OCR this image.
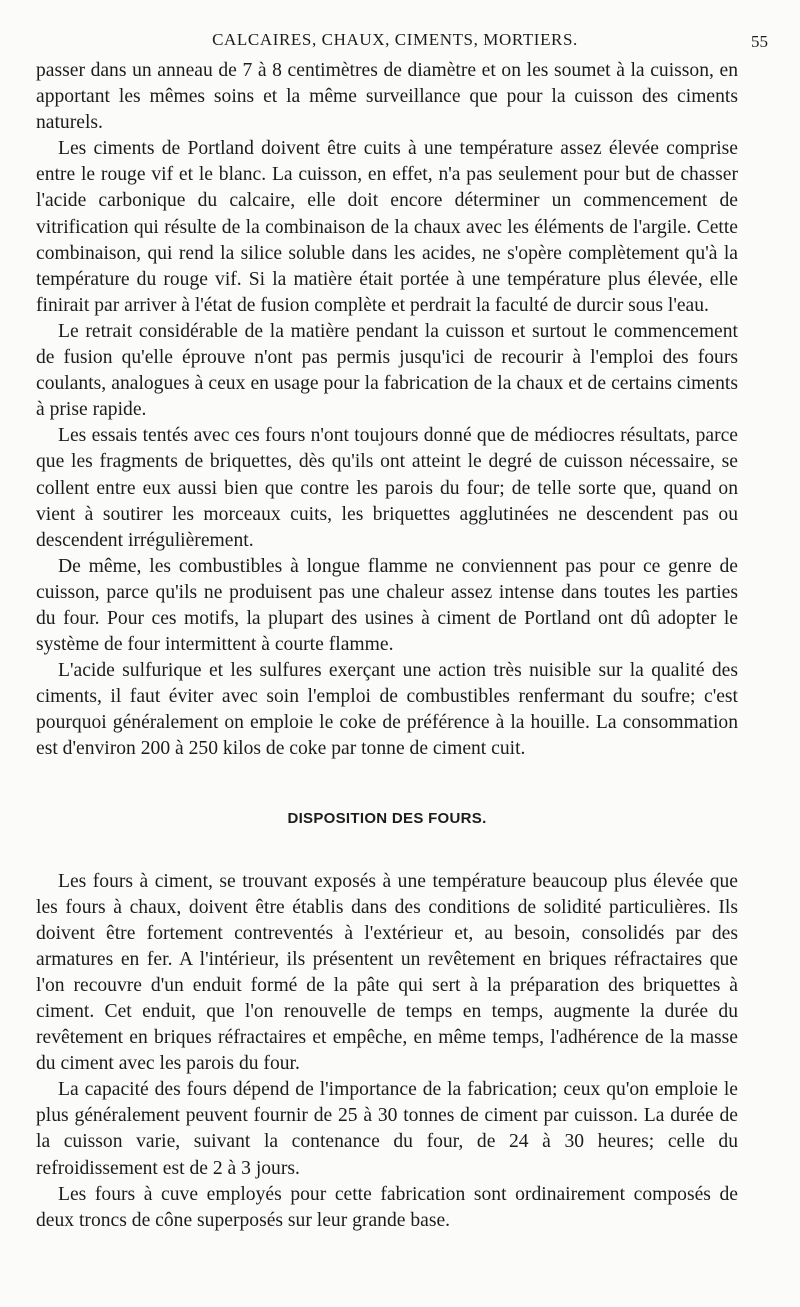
CALCAIRES, CHAUX, CIMENTS, MORTIERS.	55

passer dans un anneau de 7 à 8 centimètres de diamètre et on les soumet à la cuisson, en apportant les mêmes soins et la même surveillance que pour la cuisson des ciments naturels.

Les ciments de Portland doivent être cuits à une température assez élevée comprise entre le rouge vif et le blanc. La cuisson, en effet, n'a pas seulement pour but de chasser l'acide carbonique du calcaire, elle doit encore déterminer un commencement de vitrification qui résulte de la combinaison de la chaux avec les éléments de l'argile. Cette combinaison, qui rend la silice soluble dans les acides, ne s'opère complètement qu'à la température du rouge vif. Si la matière était portée à une température plus élevée, elle finirait par arriver à l'état de fusion complète et perdrait la faculté de durcir sous l'eau.

Le retrait considérable de la matière pendant la cuisson et surtout le commencement de fusion qu'elle éprouve n'ont pas permis jusqu'ici de recourir à l'emploi des fours coulants, analogues à ceux en usage pour la fabrication de la chaux et de certains ciments à prise rapide.

Les essais tentés avec ces fours n'ont toujours donné que de médiocres résultats, parce que les fragments de briquettes, dès qu'ils ont atteint le degré de cuisson nécessaire, se collent entre eux aussi bien que contre les parois du four; de telle sorte que, quand on vient à soutirer les morceaux cuits, les briquettes agglutinées ne descendent pas ou descendent irrégulièrement.

De même, les combustibles à longue flamme ne conviennent pas pour ce genre de cuisson, parce qu'ils ne produisent pas une chaleur assez intense dans toutes les parties du four. Pour ces motifs, la plupart des usines à ciment de Portland ont dû adopter le système de four intermittent à courte flamme.

L'acide sulfurique et les sulfures exerçant une action très nuisible sur la qualité des ciments, il faut éviter avec soin l'emploi de combustibles renfermant du soufre; c'est pourquoi généralement on emploie le coke de préférence à la houille. La consommation est d'environ 200 à 250 kilos de coke par tonne de ciment cuit.

DISPOSITION DES FOURS.

Les fours à ciment, se trouvant exposés à une température beaucoup plus élevée que les fours à chaux, doivent être établis dans des conditions de solidité particulières. Ils doivent être fortement contreventés à l'extérieur et, au besoin, consolidés par des armatures en fer. A l'intérieur, ils présentent un revêtement en briques réfractaires que l'on recouvre d'un enduit formé de la pâte qui sert à la préparation des briquettes à ciment. Cet enduit, que l'on renouvelle de temps en temps, augmente la durée du revêtement en briques réfractaires et empêche, en même temps, l'adhérence de la masse du ciment avec les parois du four.

La capacité des fours dépend de l'importance de la fabrication; ceux qu'on emploie le plus généralement peuvent fournir de 25 à 30 tonnes de ciment par cuisson. La durée de la cuisson varie, suivant la contenance du four, de 24 à 30 heures; celle du refroidissement est de 2 à 3 jours.

Les fours à cuve employés pour cette fabrication sont ordinairement composés de deux troncs de cône superposés sur leur grande base.
